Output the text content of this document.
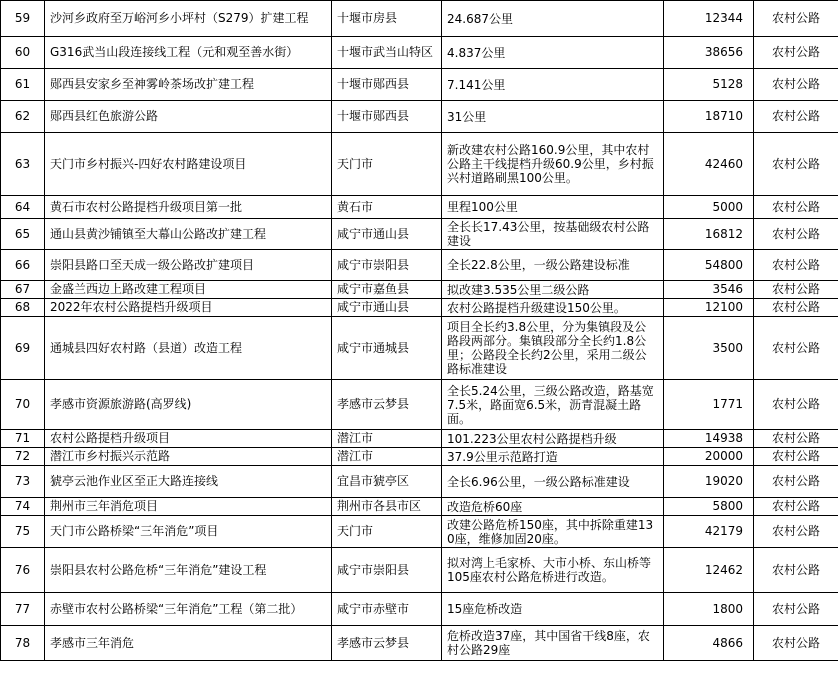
59	沙河乡政府至万峪河乡小坪村（S279）扩建工程	十堰市房县	24.687公里	12344	农村公路
60	G316武当山段连接线工程（元和观至善水街）	十堰市武当山特区	4.837公里	38656	农村公路
61	郧西县安家乡至神雾岭茶场改扩建工程	十堰市郧西县	7.141公里	5128	农村公路
62	郧西县红色旅游公路	十堰市郧西县	31公里	18710	农村公路
63	天门市乡村振兴-四好农村路建设项目	天门市	新改建农村公路160.9公里，其中农村公路主干线提档升级60.9公里，乡村振兴村道路刷黑100公里。	42460	农村公路
64	黄石市农村公路提档升级项目第一批	黄石市	里程100公里	5000	农村公路
65	通山县黄沙铺镇至大幕山公路改扩建工程	咸宁市通山县	全长长17.43公里，按基础级农村公路建设	16812	农村公路
66	崇阳县路口至天成一级公路改扩建项目	咸宁市崇阳县	全长22.8公里，一级公路建设标准	54800	农村公路
67	金盛兰西边上路改建工程项目	咸宁市嘉鱼县	拟改建3.535公里二级公路	3546	农村公路
68	2022年农村公路提档升级项目	咸宁市通山县	农村公路提档升级建设150公里。	12100	农村公路
69	通城县四好农村路（县道）改造工程	咸宁市通城县	项目全长约3.8公里，分为集镇段及公路段两部分。集镇段部分全长约1.8公里；公路段全长约2公里，采用二级公路标准建设	3500	农村公路
70	孝感市资源旅游路(高罗线)	孝感市云梦县	全长5.24公里，三级公路改造，路基宽7.5米，路面宽6.5米，沥青混凝土路面。	1771	农村公路
71	农村公路提档升级项目	潜江市	101.223公里农村公路提档升级	14938	农村公路
72	潜江市乡村振兴示范路	潜江市	37.9公里示范路打造	20000	农村公路
73	猇亭云池作业区至正大路连接线	宜昌市猇亭区	全长6.96公里，一级公路标准建设	19020	农村公路
74	荆州市三年消危项目	荆州市各县市区	改造危桥60座	5800	农村公路
75	天门市公路桥梁“三年消危”项目	天门市	改建公路危桥150座，其中拆除重建130座，维修加固20座。	42179	农村公路
76	崇阳县农村公路危桥“三年消危”建设工程	咸宁市崇阳县	拟对湾上毛家桥、大市小桥、东山桥等105座农村公路危桥进行改造。	12462	农村公路
77	赤壁市农村公路桥梁“三年消危”工程（第二批）	咸宁市赤壁市	15座危桥改造	1800	农村公路
78	孝感市三年消危	孝感市云梦县	危桥改造37座，其中国省干线8座，农村公路29座	4866	农村公路
